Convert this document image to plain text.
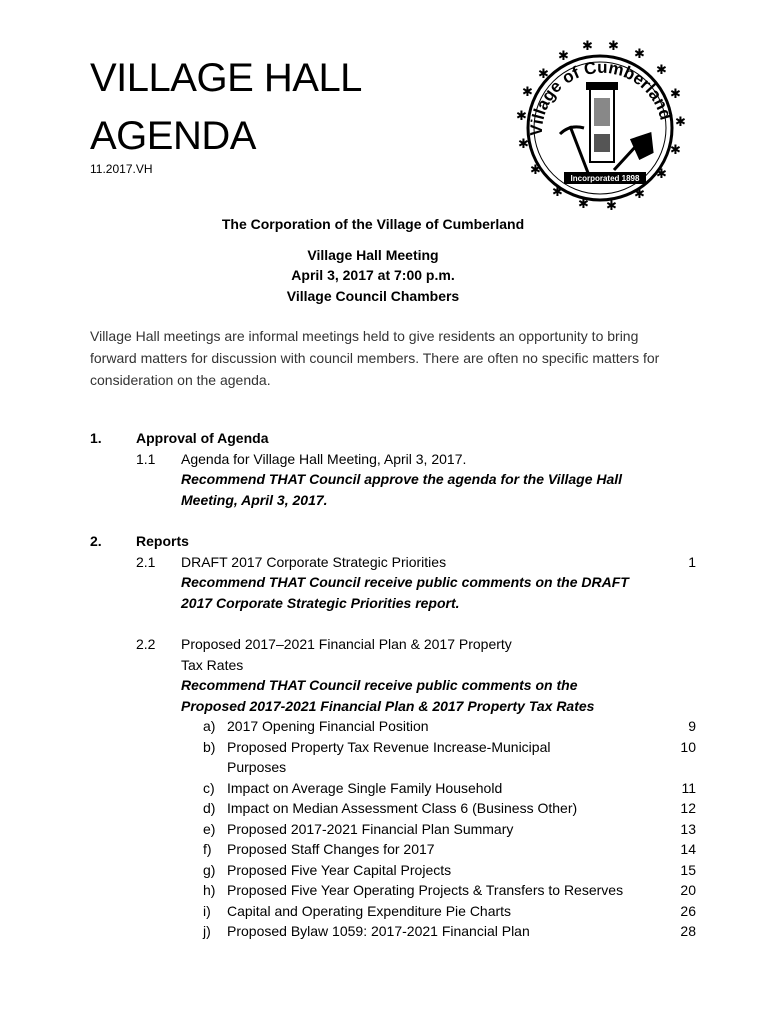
VILLAGE HALL
AGENDA
11.2017.VH
✱
✱
✱ ✱
✱
✱
✱
✱
✱
✱
✱
✱
✱
✱
✱
✱
✱
✱
Village of Cumberland
Incorporated 1898
The Corporation of the Village of Cumberland
Village Hall Meeting
April 3, 2017 at 7:00 p.m.
Village Council Chambers
Village Hall meetings are informal meetings held to give residents an opportunity to bring forward matters for discussion with council members. There are often no specific matters for consideration on the agenda.
1. Approval of Agenda
1.1 Agenda for Village Hall Meeting, April 3, 2017.
Recommend THAT Council approve the agenda for the Village Hall
Meeting, April 3, 2017.
2. Reports
2.1 DRAFT 2017 Corporate Strategic Priorities	1
Recommend THAT Council receive public comments on the DRAFT
2017 Corporate Strategic Priorities report.
2.2 Proposed 2017–2021 Financial Plan & 2017 Property
Tax Rates
Recommend THAT Council receive public comments on the
Proposed 2017-2021 Financial Plan & 2017 Property Tax Rates
a) 2017 Opening Financial Position	9
b) Proposed Property Tax Revenue Increase-Municipal	10
Purposes
c) Impact on Average Single Family Household	11
d) Impact on Median Assessment Class 6 (Business Other)	12
e) Proposed 2017-2021 Financial Plan Summary	13
f) Proposed Staff Changes for 2017	14
g) Proposed Five Year Capital Projects	15
h) Proposed Five Year Operating Projects & Transfers to Reserves	20
i) Capital and Operating Expenditure Pie Charts	26
j) Proposed Bylaw 1059: 2017-2021 Financial Plan	28
